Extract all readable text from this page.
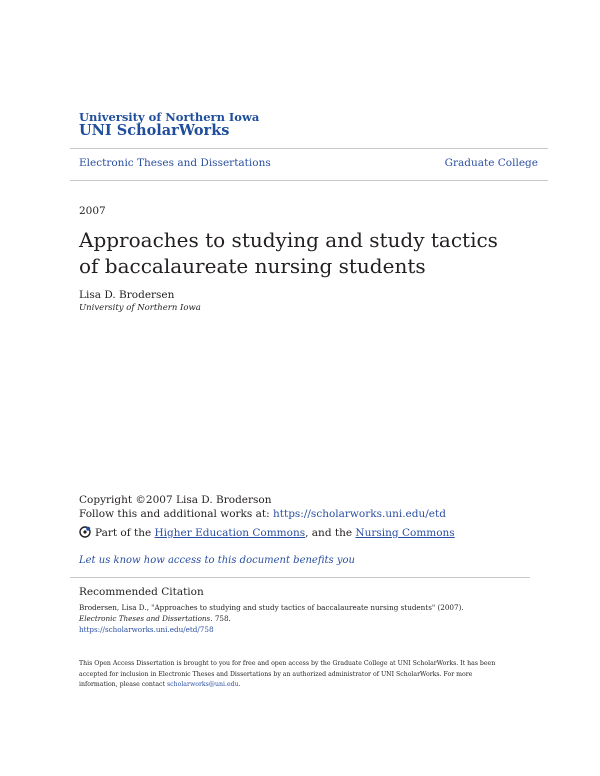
University of Northern Iowa
UNI ScholarWorks
Electronic Theses and Dissertations	Graduate College
2007
Approaches to studying and study tactics of baccalaureate nursing students
Lisa D. Brodersen
University of Northern Iowa
Copyright ©2007 Lisa D. Broderson
Follow this and additional works at: https://scholarworks.uni.edu/etd
Part of the Higher Education Commons, and the Nursing Commons
Let us know how access to this document benefits you
Recommended Citation
Brodersen, Lisa D., "Approaches to studying and study tactics of baccalaureate nursing students" (2007). Electronic Theses and Dissertations. 758.
https://scholarworks.uni.edu/etd/758
This Open Access Dissertation is brought to you for free and open access by the Graduate College at UNI ScholarWorks. It has been accepted for inclusion in Electronic Theses and Dissertations by an authorized administrator of UNI ScholarWorks. For more information, please contact scholarworks@uni.edu.
